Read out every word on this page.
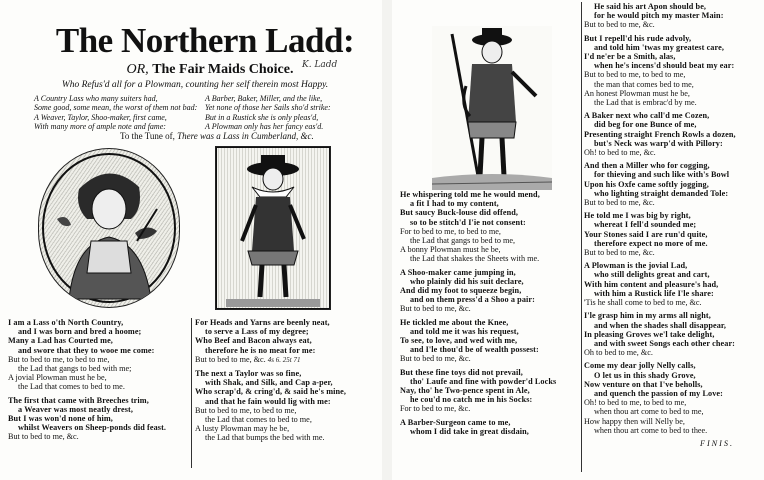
The Northern Ladd:
OR, The Fair Maids Choice. K. Ladd
Who Refus'd all for a Plowman, counting her self therein most Happy.
A Country Lass who many suiters had,
Some good, some mean, the worst of them not bad:
A Weaver, Taylor, Shoo-maker, first came,
With many more of ample note and fame:
A Barber, Baker, Miller, and the like,
Yet none of those her Sails sho'd strike:
But in a Rustick she is only pleas'd,
A Plowman only has her fancy eas'd.
To the Tune of, There was a Lass in Cumberland, &c.
I am a Lass o'th North Country,
and I was born and bred a hoome;
Many a Lad has Courted me,
and swore that they to wooe me come:
But to bed to me, to bed to me,
the Lad that gangs to bed with me;
A jovial Plowman must he be,
the Lad that comes to bed to me.
The first that came with Breeches trim,
a Weaver was most neatly drest,
But I was won'd none of him,
whilst Weavers on Sheep-ponds did feast.
But to bed to me, &c.
For Heads and Yarns are beenly neat,
to serve a Lass of my degree;
Who Beef and Bacon always eat,
therefore he is no meat for me:
But to bed to me, &c. 4s 6. 25t 71
The next a Taylor was so fine,
with Shak, and Silk, and Cap a-per,
Who scrap'd, & cring'd, & said he's mine,
and that he fain would lig with me:
But to bed to me, to bed to me,
the Lad that comes to bed to me,
A lusty Plowman may he be,
the Lad that bumps the bed with me.
He whispering told me he would mend,
a fit I had to my content,
But saucy Buck-louse did offend,
so to be stitch'd I'ie not consent:
For to bed to me, to bed to me,
the Lad that gangs to bed to me,
A bonny Plowman must he be,
the Lad that shakes the Sheets with me.
A Shoo-maker came jumping in,
who plainly did his suit declare,
And did my foot to squeeze begin,
and on them press'd a Shoo a pair:
But to bed to me, &c.
He tickled me about the Knee,
and told me it was his request,
To see, to love, and wed with me,
and I'le thou'd be of wealth possest:
But to bed to me, &c.
But these fine toys did not prevail,
tho' Laufe and fine with powder'd Locks
Nay, tho' he Two-pence spent in Ale,
he cou'd no catch me in his Socks:
For to bed to me, &c.
A Barber-Surgeon came to me,
whom I did take in great disdain,
He said his art Apon should be,
for he would pitch my master Main:
But to bed to me, &c.
But I repell'd his rude advoly,
and told him 'twas my greatest care,
I'd ne'er be a Smith, alas,
when he's incens'd should beat my ear:
But to bed to me, to bed to me,
the man that comes bed to me,
An honest Plowman must he be,
the Lad that is embrac'd by me.
A Baker next who call'd me Cozen,
did beg for one Bunce of me,
Presenting straight French Rowls a dozen,
but's Neck was warp'd with Pillory:
Oh! to bed to me, &c.
And then a Miller who for cogging,
for thieving and such like with's Bowl
Upon his Oxfe came softly jogging,
who lighting straight demanded Tole:
But to bed to me, &c.
He told me I was big by right,
whereat I fell'd sounded me;
Your Stones said I are run'd quite,
therefore expect no more of me.
But to bed to me, &c.
A Plowman is the jovial Lad,
who still delights great and cart,
With him content and pleasure's had,
with him a Rustick life I'le share:
'Tis he shall come to bed to me, &c.
I'le grasp him in my arms all night,
and when the shades shall disappear,
In pleasing Groves we'l take delight,
and with sweet Songs each other chear:
Oh to bed to me, &c.
Come my dear jolly Nelly calls,
O let us in this shady Grove,
Now venture on that I've beholls,
and quench the passion of my Love:
Oh! to bed to me, to bed to me,
when thou art come to bed to me,
How happy then will Nelly be,
when thou art come to bed to thee.
FINIS.
